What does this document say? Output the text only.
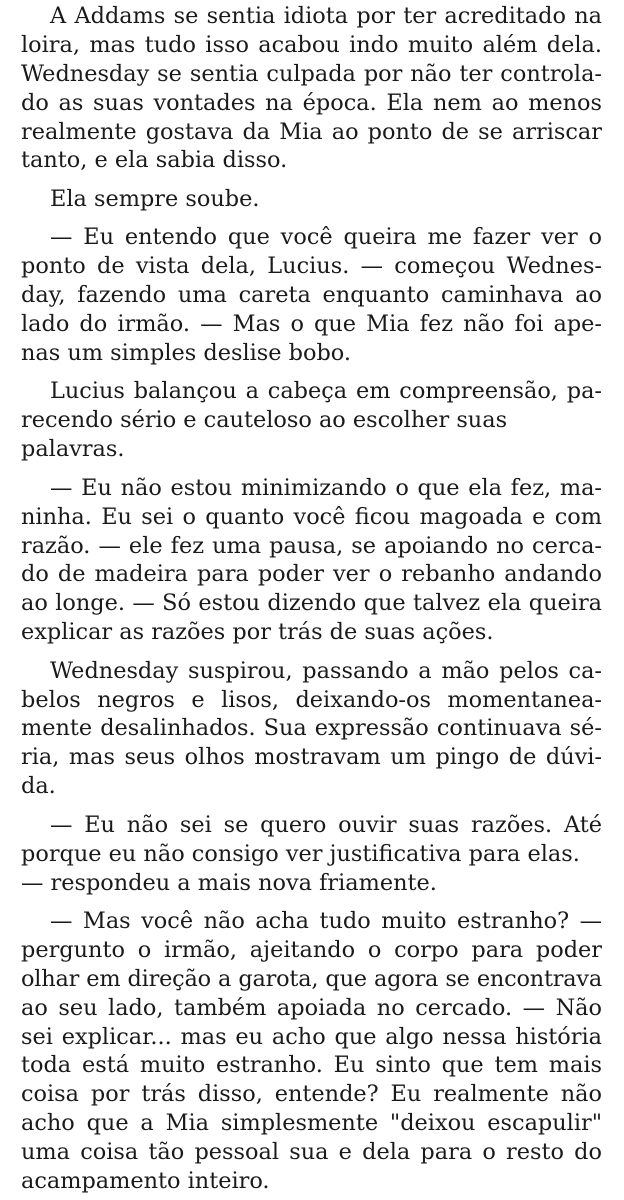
A Addams se sentia idiota por ter acreditado na
loira, mas tudo isso acabou indo muito além dela.
Wednesday se sentia culpada por não ter controla-
do as suas vontades na época. Ela nem ao menos
realmente gostava da Mia ao ponto de se arriscar
tanto, e ela sabia disso.
Ela sempre soube.
— Eu entendo que você queira me fazer ver o
ponto de vista dela, Lucius. — começou Wednes-
day, fazendo uma careta enquanto caminhava ao
lado do irmão. — Mas o que Mia fez não foi ape-
nas um simples deslise bobo.
Lucius balançou a cabeça em compreensão, pa-
recendo sério e cauteloso ao escolher suas
palavras.
— Eu não estou minimizando o que ela fez, ma-
ninha. Eu sei o quanto você ficou magoada e com
razão. — ele fez uma pausa, se apoiando no cerca-
do de madeira para poder ver o rebanho andando
ao longe. — Só estou dizendo que talvez ela queira
explicar as razões por trás de suas ações.
Wednesday suspirou, passando a mão pelos ca-
belos negros e lisos, deixando-os momentanea-
mente desalinhados. Sua expressão continuava sé-
ria, mas seus olhos mostravam um pingo de dúvi-
da.
— Eu não sei se quero ouvir suas razões. Até
porque eu não consigo ver justificativa para elas.
— respondeu a mais nova friamente.
— Mas você não acha tudo muito estranho? —
pergunto o irmão, ajeitando o corpo para poder
olhar em direção a garota, que agora se encontrava
ao seu lado, também apoiada no cercado. — Não
sei explicar... mas eu acho que algo nessa história
toda está muito estranho. Eu sinto que tem mais
coisa por trás disso, entende? Eu realmente não
acho que a Mia simplesmente "deixou escapulir"
uma coisa tão pessoal sua e dela para o resto do
acampamento inteiro.
